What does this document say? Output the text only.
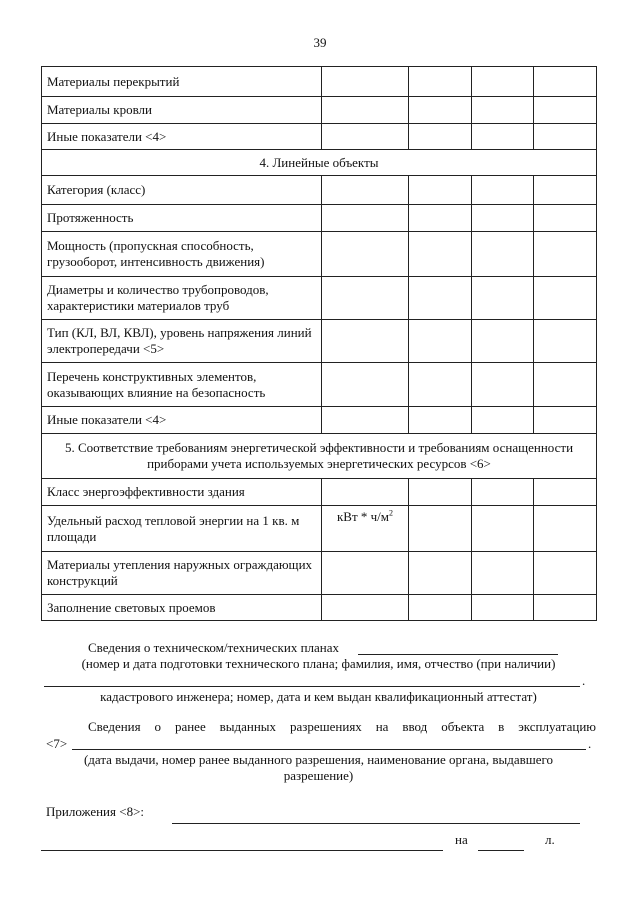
39
Материалы перекрытий				
Материалы кровли				
Иные показатели <4>				
4. Линейные объекты				
Категория (класс)				
Протяженность				
Мощность (пропускная способность, грузооборот, интенсивность движения)				
Диаметры и количество трубопроводов, характеристики материалов труб				
Тип (КЛ, ВЛ, КВЛ), уровень напряжения линий электропередачи <5>				
Перечень конструктивных элементов, оказывающих влияние на безопасность				
Иные показатели <4>				
5. Соответствие требованиям энергетической эффективности и требованиям оснащенности приборами учета используемых энергетических ресурсов <6>				
Класс энергоэффективности здания				
Удельный расход тепловой энергии на 1 кв. м площади	кВт * $ч/м^2$			
Материалы утепления наружных ограждающих конструкций				
Заполнение световых проемов				
Сведения о техническом/технических планах
(номер и дата подготовки технического плана; фамилия, имя, отчество (при наличии)
.
кадастрового инженера; номер, дата и кем выдан квалификационный аттестат)
Сведения о ранее выданных разрешениях на ввод объекта в эксплуатацию
<7>	.
(дата выдачи, номер ранее выданного разрешения, наименование органа, выдавшего
разрешение)
Приложения <8>:
на	л.
